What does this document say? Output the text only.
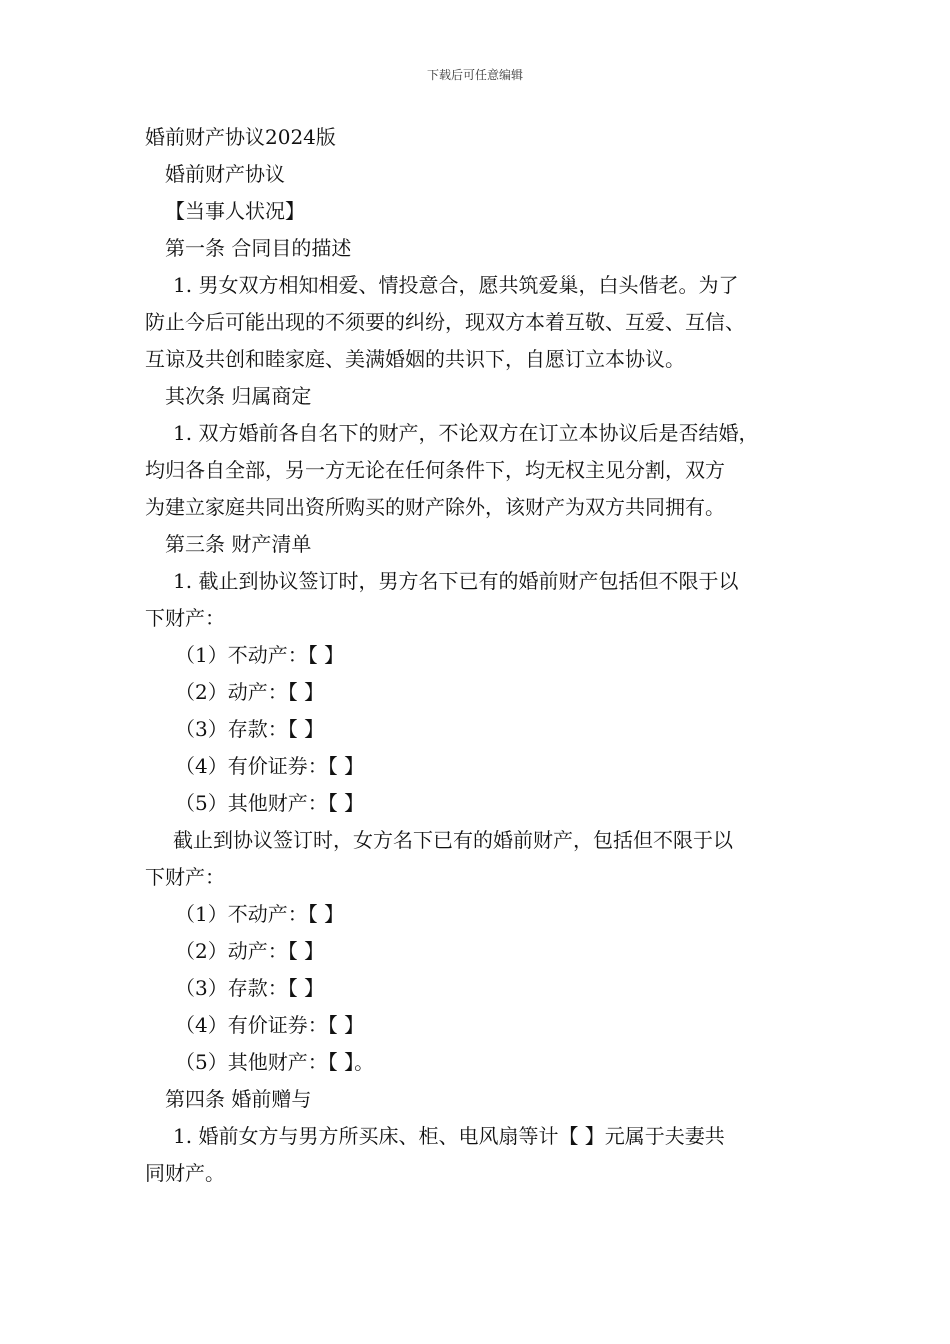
下载后可任意编辑
婚前财产协议2024版
婚前财产协议
【当事人状况】
第一条 合同目的描述
1. 男女双方相知相爱、情投意合，愿共筑爱巢，白头偕老。为了
防止今后可能出现的不须要的纠纷，现双方本着互敬、互爱、互信、
互谅及共创和睦家庭、美满婚姻的共识下，自愿订立本协议。
其次条 归属商定
1. 双方婚前各自名下的财产，不论双方在订立本协议后是否结婚，
均归各自全部，另一方无论在任何条件下，均无权主见分割，双方
为建立家庭共同出资所购买的财产除外，该财产为双方共同拥有。
第三条 财产清单
1. 截止到协议签订时，男方名下已有的婚前财产包括但不限于以
下财产：
（1）不动产：【 】
（2）动产：【 】
（3）存款：【 】
（4）有价证券：【 】
（5）其他财产：【 】
截止到协议签订时，女方名下已有的婚前财产，包括但不限于以
下财产：
（1）不动产：【 】
（2）动产：【 】
（3）存款：【 】
（4）有价证券：【 】
（5）其他财产：【 】。
第四条 婚前赠与
1. 婚前女方与男方所买床、柜、电风扇等计【 】元属于夫妻共
同财产。
